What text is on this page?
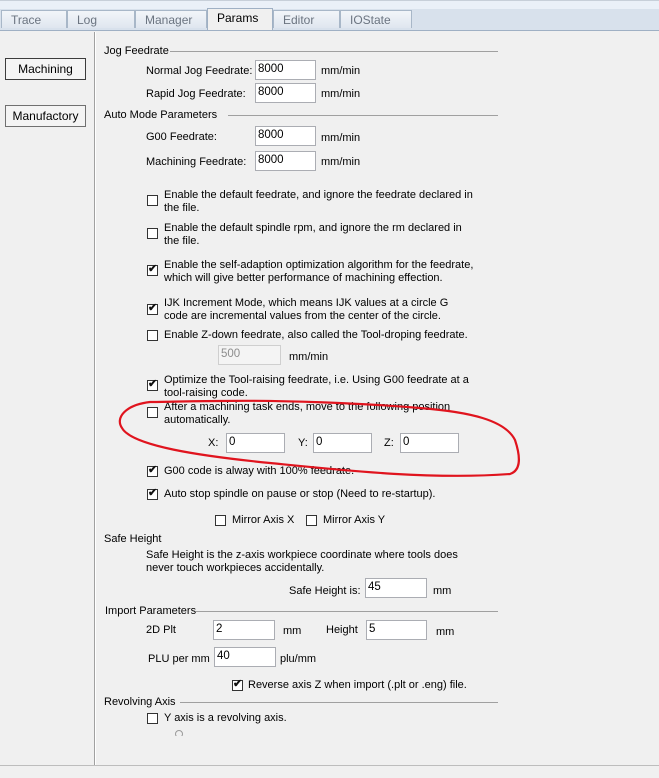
Trace	Log	Manager	Params	Editor	IOState
Machining
Manufactory
Jog Feedrate
Normal Jog Feedrate: 8000	mm/min
Rapid Jog Feedrate: 8000	mm/min
Auto Mode Parameters
G00 Feedrate:	8000	mm/min
Machining Feedrate: 8000	mm/min
Enable the default feedrate, and ignore the feedrate declared in
the file.
Enable the default spindle rpm, and ignore the rm declared in
the file.
✔ Enable the self-adaption optimization algorithm for the feedrate,
which will give better performance of machining effection.
✔ IJK Increment Mode, which means IJK values at a circle G
code are incremental values from the center of the circle.
Enable Z-down feedrate, also called the Tool-droping feedrate.
500	mm/min
✔ Optimize the Tool-raising feedrate, i.e. Using G00 feedrate at a
tool-raising code.
After a machining task ends, move to the following position
automatically.
X: 0	Y: 0	Z: 0
✔ G00 code is alway with 100% feedrate.
✔ Auto stop spindle on pause or stop (Need to re-startup).
Mirror Axis X	Mirror Axis Y
Safe Height
Safe Height is the z-axis workpiece coordinate where tools does
never touch workpieces accidentally.
Safe Height is: 45	mm
Import Parameters
2D Plt	2	mm Height 5	mm
PLU per mm 40	plu/mm
✔ Reverse axis Z when import (.plt or .eng) file.
Revolving Axis
Y axis is a revolving axis.
